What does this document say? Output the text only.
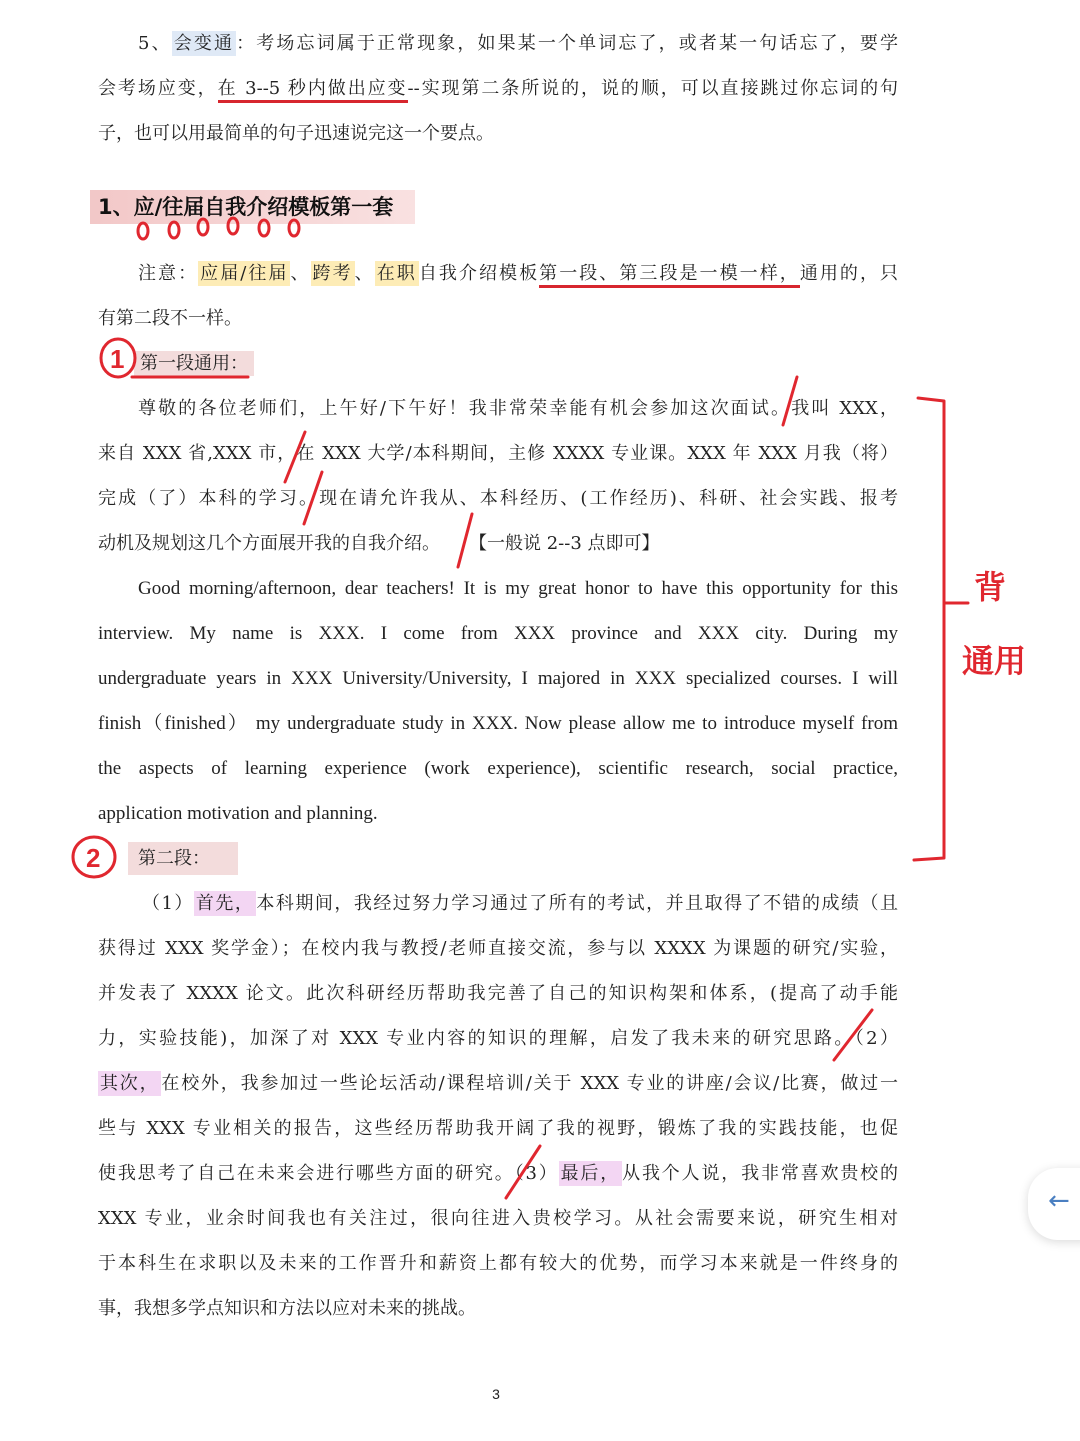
5、 会变通 ：考场忘词属于正常现象，如果某一个单词忘了，或者某一句话忘了，要学
会考场应变，在 3--5 秒内做出应变--实现第二条所说的，说的顺，可以直接跳过你忘词的句
子，也可以用最简单的句子迅速说完这一个要点。
1、应/往届自我介绍模板第一套
注意： 应届/往届 、 跨考 、 在职 自我介绍模板第一段、第三段是一模一样，通用的，只
有第二段不一样。
第一段通用：
尊敬的各位老师们，上午好/下午好！我非常荣幸能有机会参加这次面试。我叫 XXX，
来自 XXX 省,XXX 市，在 XXX 大学/本科期间，主修 XXXX 专业课。XXX 年 XXX 月我（将）
完成（了）本科的学习。现在请允许我从、本科经历、(工作经历)、科研、社会实践、报考
动机及规划这几个方面展开我的自我介绍。 【一般说 2--3 点即可】
Good morning/afternoon, dear teachers! It is my great honor to have this opportunity for this
interview. My name is XXX. I come from XXX province and XXX city. During my
undergraduate years in XXX University/University, I majored in XXX specialized courses. I will
finish（finished） my undergraduate study in XXX. Now please allow me to introduce myself from
the aspects of learning experience (work experience), scientific research, social practice,
application motivation and planning.
第二段：
（1） 首先， 本科期间，我经过努力学习通过了所有的考试，并且取得了不错的成绩（且
获得过 XXX 奖学金）；在校内我与教授/老师直接交流，参与以 XXXX 为课题的研究/实验，
并发表了 XXXX 论文。此次科研经历帮助我完善了自己的知识构架和体系，(提高了动手能
力，实验技能)，加深了对 XXX 专业内容的知识的理解，启发了我未来的研究思路。（2）
其次， 在校外，我参加过一些论坛活动/课程培训/关于 XXX 专业的讲座/会议/比赛，做过一
些与 XXX 专业相关的报告，这些经历帮助我开阔了我的视野，锻炼了我的实践技能，也促
使我思考了自己在未来会进行哪些方面的研究。（3） 最后， 从我个人说，我非常喜欢贵校的
XXX 专业，业余时间我也有关注过，很向往进入贵校学习。从社会需要来说，研究生相对
于本科生在求职以及未来的工作晋升和薪资上都有较大的优势，而学习本来就是一件终身的
事，我想多学点知识和方法以应对未来的挑战。
3
背
通用
1
2
←
